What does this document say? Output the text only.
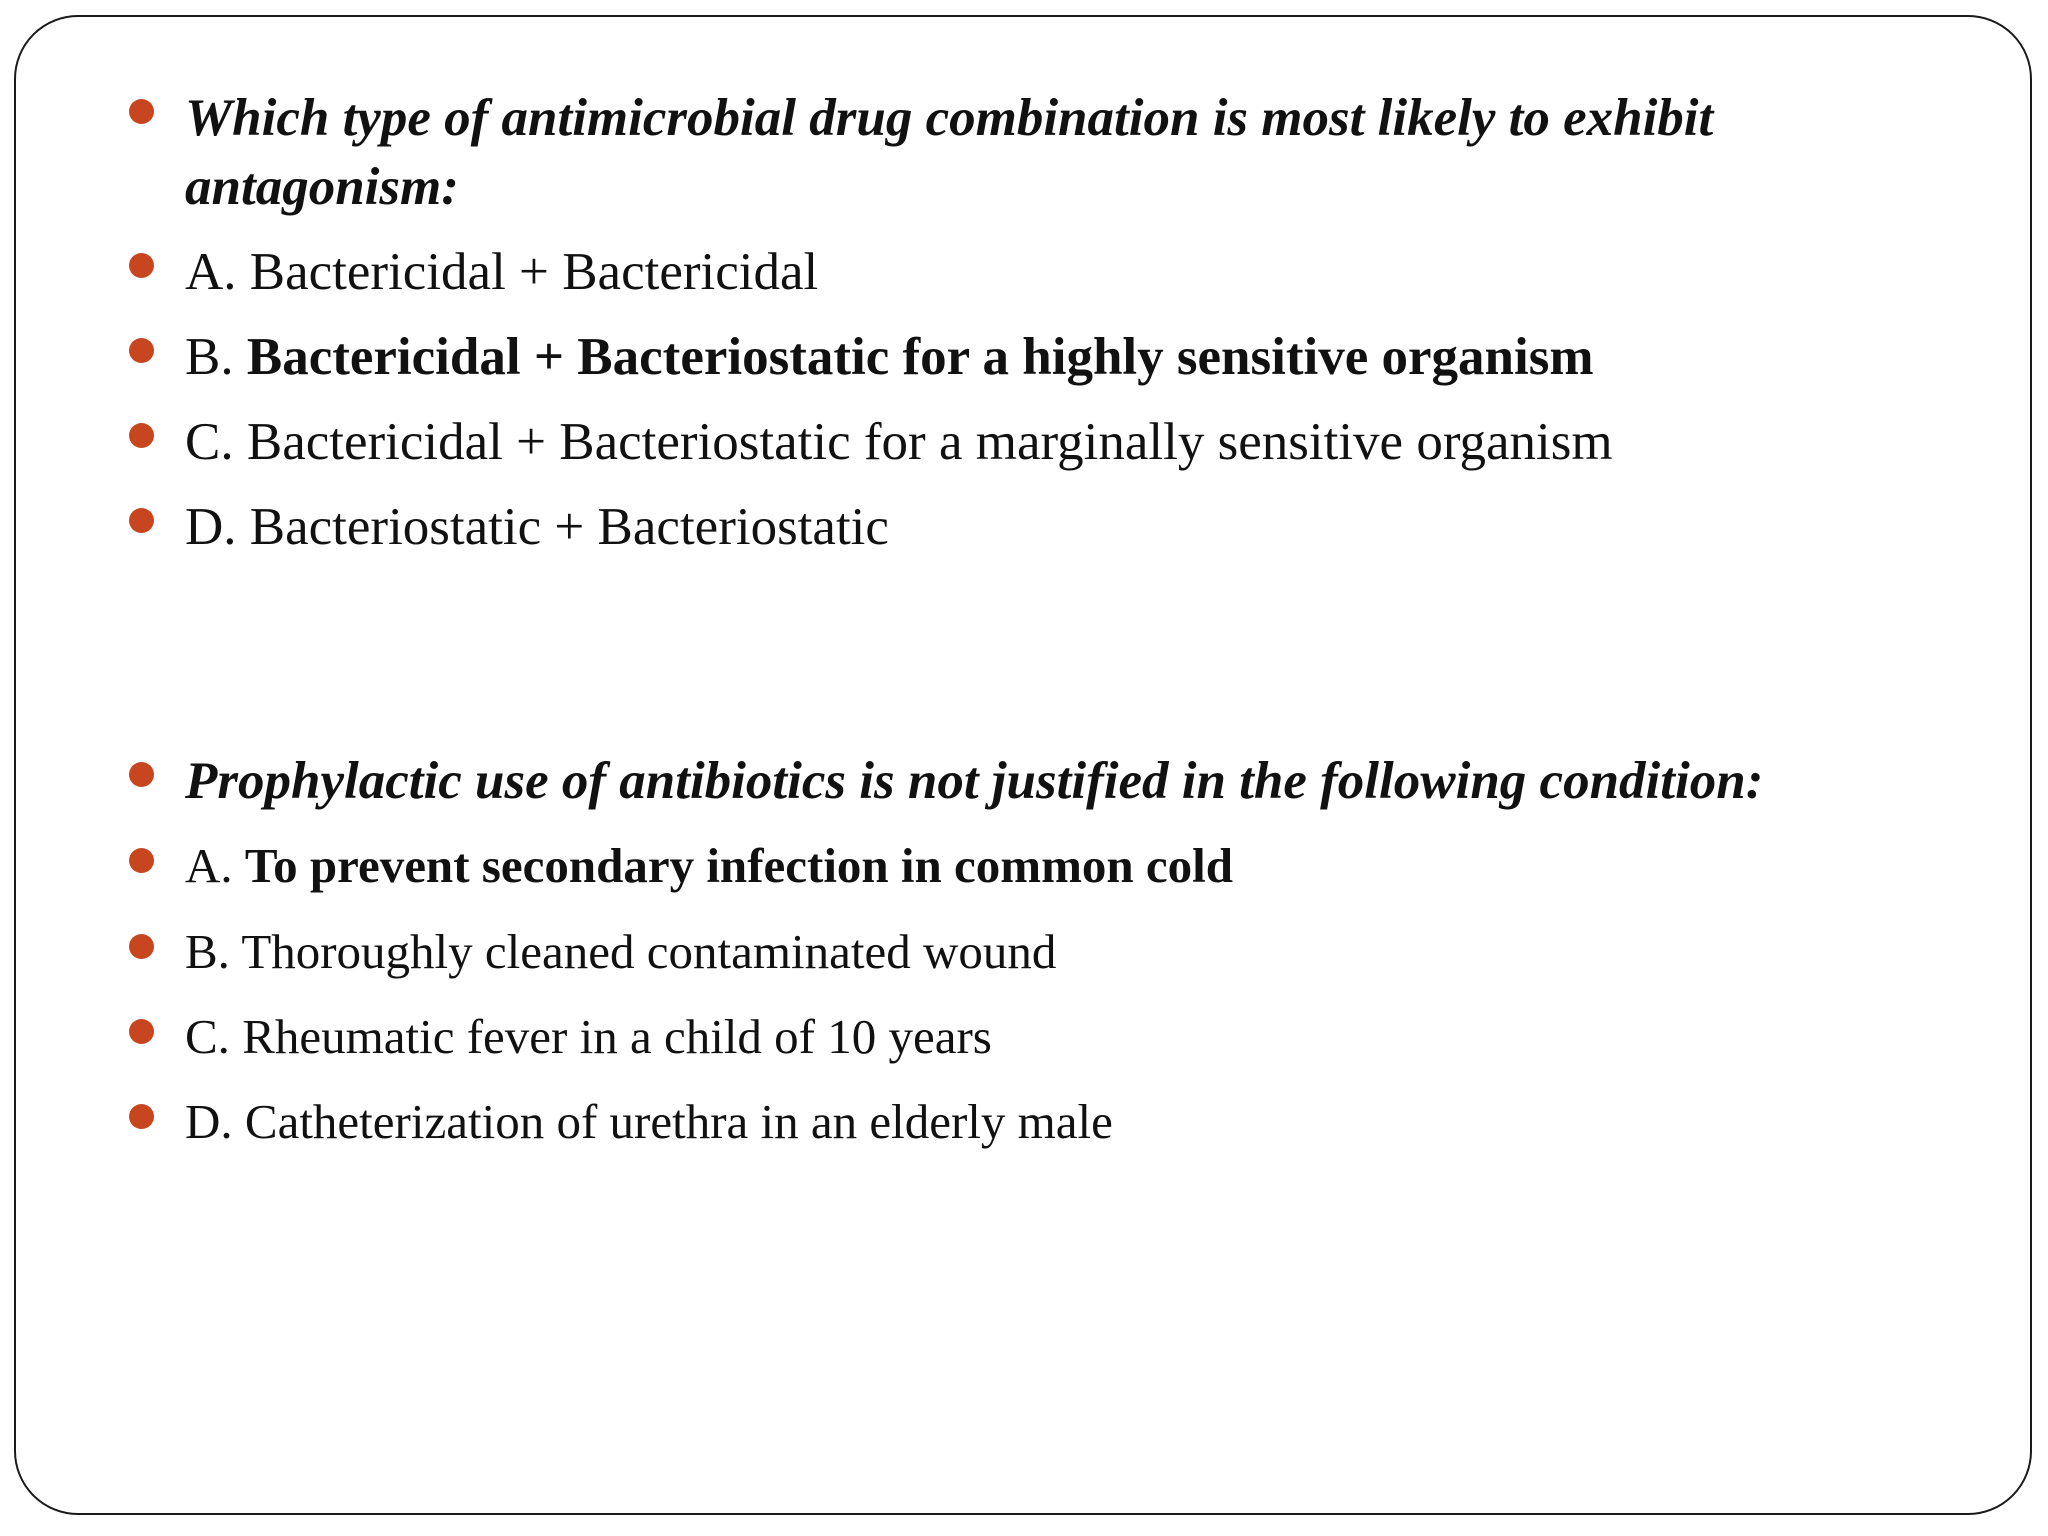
Which type of antimicrobial drug combination is most likely to exhibit antagonism:
A. Bactericidal + Bactericidal
B. Bactericidal + Bacteriostatic for a highly sensitive organism
C. Bactericidal + Bacteriostatic for a marginally sensitive organism
D. Bacteriostatic + Bacteriostatic
Prophylactic use of antibiotics is not justified in the following condition:
A. To prevent secondary infection in common cold
B. Thoroughly cleaned contaminated wound
C. Rheumatic fever in a child of 10 years
D. Catheterization of urethra in an elderly male
